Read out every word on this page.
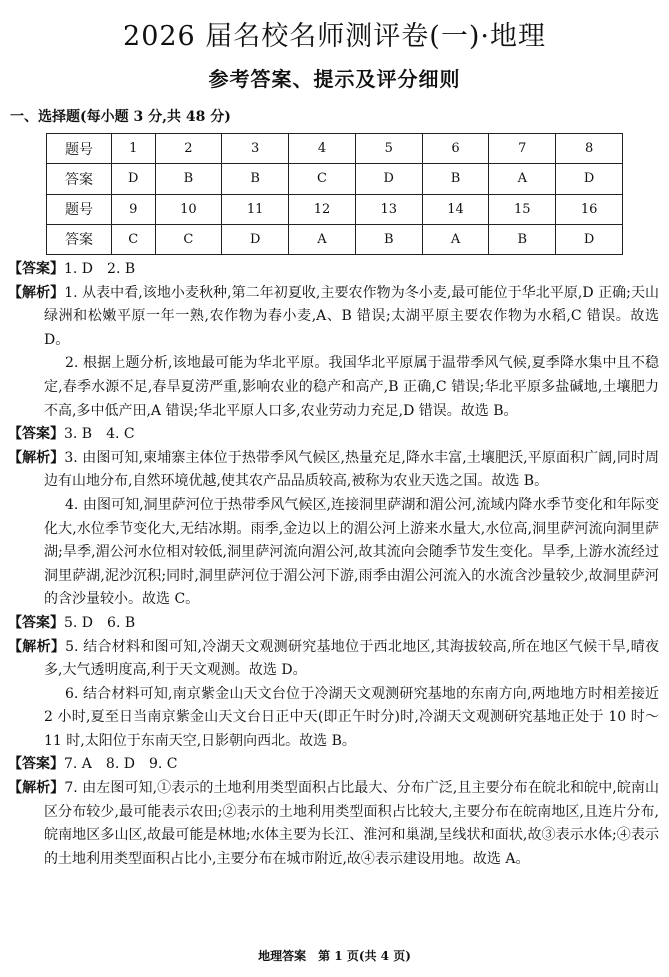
2026 届名校名师测评卷(一)·地理
参考答案、提示及评分细则
一、选择题(每小题 3 分,共 48 分)
题号	1	2	3	4	5	6	7	8
答案	D	B	B	C	D	B	A	D
题号	9	10	11	12	13	14	15	16
答案	C	C	D	A	B	A	B	D

【答案】1. D　2. B

【解析】1. 从表中看,该地小麦秋种,第二年初夏收,主要农作物为冬小麦,最可能位于华北平原,D 正确;天山绿洲和松嫩平原一年一熟,农作物为春小麦,A、B 错误;太湖平原主要农作物为水稻,C 错误。故选 D。

2. 根据上题分析,该地最可能为华北平原。我国华北平原属于温带季风气候,夏季降水集中且不稳定,春季水源不足,春旱夏涝严重,影响农业的稳产和高产,B 正确,C 错误;华北平原多盐碱地,土壤肥力不高,多中低产田,A 错误;华北平原人口多,农业劳动力充足,D 错误。故选 B。

【答案】3. B　4. C

【解析】3. 由图可知,柬埔寨主体位于热带季风气候区,热量充足,降水丰富,土壤肥沃,平原面积广阔,同时周边有山地分布,自然环境优越,使其农产品品质较高,被称为农业天选之国。故选 B。

4. 由图可知,洞里萨河位于热带季风气候区,连接洞里萨湖和湄公河,流域内降水季节变化和年际变化大,水位季节变化大,无结冰期。雨季,金边以上的湄公河上游来水量大,水位高,洞里萨河流向洞里萨湖;旱季,湄公河水位相对较低,洞里萨河流向湄公河,故其流向会随季节发生变化。旱季,上游水流经过洞里萨湖,泥沙沉积;同时,洞里萨河位于湄公河下游,雨季由湄公河流入的水流含沙量较少,故洞里萨河的含沙量较小。故选 C。

【答案】5. D　6. B

【解析】5. 结合材料和图可知,冷湖天文观测研究基地位于西北地区,其海拔较高,所在地区气候干旱,晴夜多,大气透明度高,利于天文观测。故选 D。

6. 结合材料可知,南京紫金山天文台位于冷湖天文观测研究基地的东南方向,两地地方时相差接近 2 小时,夏至日当南京紫金山天文台日正中天(即正午时分)时,冷湖天文观测研究基地正处于 10 时～11 时,太阳位于东南天空,日影朝向西北。故选 B。

【答案】7. A　8. D　9. C

【解析】7. 由左图可知,①表示的土地利用类型面积占比最大、分布广泛,且主要分布在皖北和皖中,皖南山区分布较少,最可能表示农田;②表示的土地利用类型面积占比较大,主要分布在皖南地区,且连片分布,皖南地区多山区,故最可能是林地;水体主要为长江、淮河和巢湖,呈线状和面状,故③表示水体;④表示的土地利用类型面积占比小,主要分布在城市附近,故④表示建设用地。故选 A。

地理答案　第 1 页(共 4 页)
